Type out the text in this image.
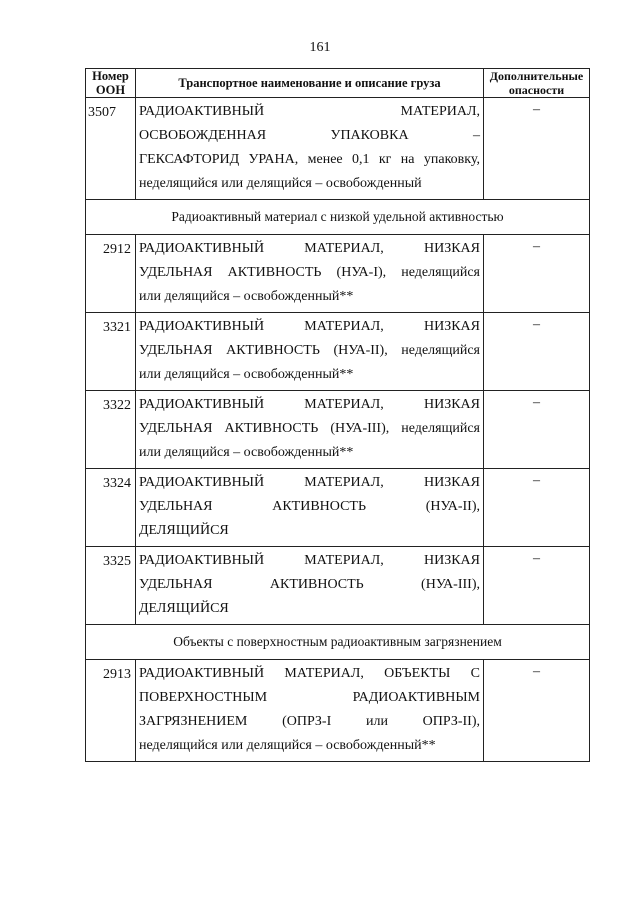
161
Номер ООН	Транспортное наименование и описание груза	Дополнительные опасности
3507	РАДИОАКТИВНЫЙ МАТЕРИАЛ,
ОСВОБОЖДЕННАЯ УПАКОВКА –
ГЕКСАФТОРИД УРАНА, менее 0,1 кг на упаковку,
неделящийся или делящийся – освобожденный	–
Радиоактивный материал с низкой удельной активностью		
2912	РАДИОАКТИВНЫЙ МАТЕРИАЛ, НИЗКАЯ
УДЕЛЬНАЯ АКТИВНОСТЬ (НУА-I), неделящийся
или делящийся – освобожденный**	–
3321	РАДИОАКТИВНЫЙ МАТЕРИАЛ, НИЗКАЯ
УДЕЛЬНАЯ АКТИВНОСТЬ (НУА-II), неделящийся
или делящийся – освобожденный**	–
3322	РАДИОАКТИВНЫЙ МАТЕРИАЛ, НИЗКАЯ
УДЕЛЬНАЯ АКТИВНОСТЬ (НУА-III), неделящийся
или делящийся – освобожденный**	–
3324	РАДИОАКТИВНЫЙ МАТЕРИАЛ, НИЗКАЯ
УДЕЛЬНАЯ АКТИВНОСТЬ (НУА-II),
ДЕЛЯЩИЙСЯ	–
3325	РАДИОАКТИВНЫЙ МАТЕРИАЛ, НИЗКАЯ
УДЕЛЬНАЯ АКТИВНОСТЬ (НУА-III),
ДЕЛЯЩИЙСЯ	–
Объекты с поверхностным радиоактивным загрязнением		
2913	РАДИОАКТИВНЫЙ МАТЕРИАЛ, ОБЪЕКТЫ С
ПОВЕРХНОСТНЫМ РАДИОАКТИВНЫМ
ЗАГРЯЗНЕНИЕМ (ОПРЗ-I или ОПРЗ-II),
неделящийся или делящийся – освобожденный**	–
